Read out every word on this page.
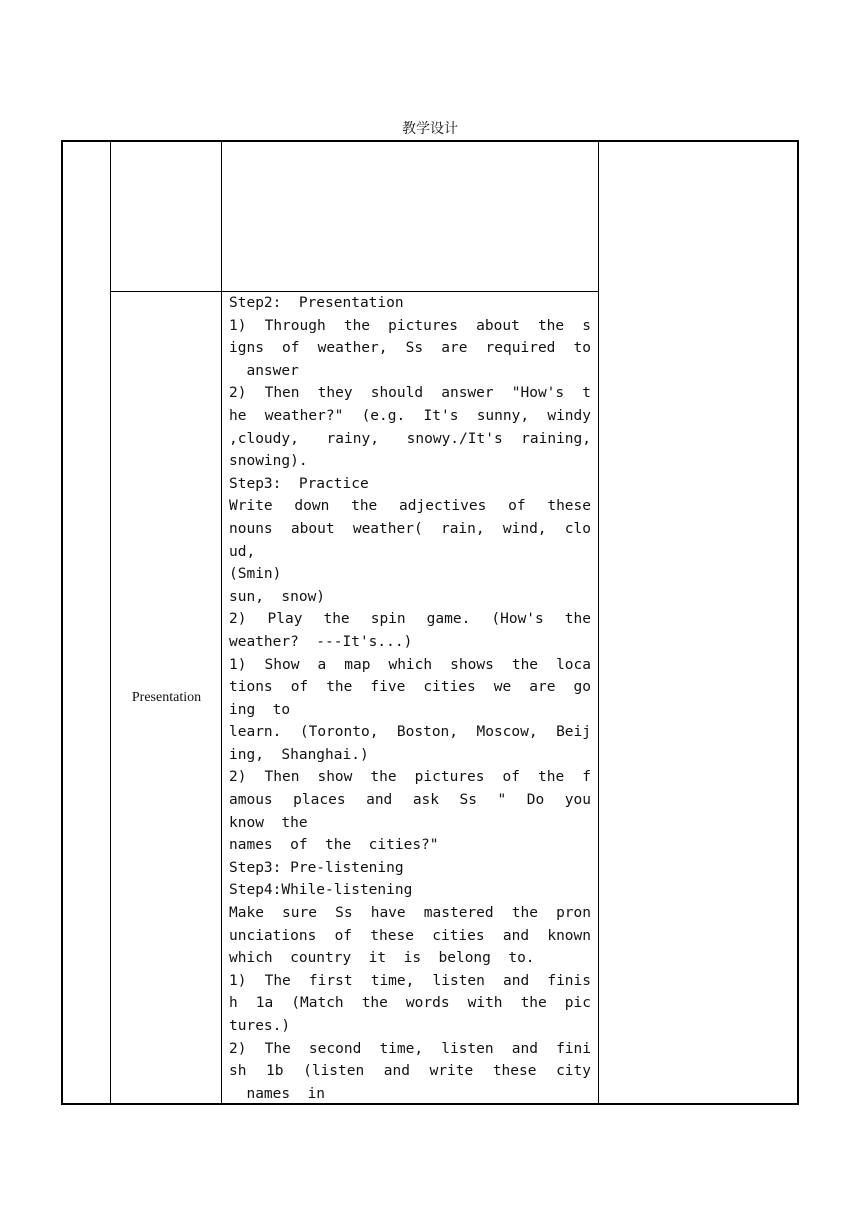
教学设计
Presentation
Step2:  Presentation
1)  Through  the  pictures  about  the  s
igns  of  weather,  Ss  are  required  to
answer
2)  Then  they  should  answer  "How's  t
he  weather?"  (e.g.  It's  sunny,  windy
,cloudy,   rainy,   snowy./It's  raining,
snowing).
Step3:  Practice
Write  down  the  adjectives  of  these
nouns  about  weather(  rain,  wind,  clo
ud,
(Smin)
sun,  snow)
2)  Play  the  spin  game.  (How's  the
weather?  ---It's...)
1)  Show  a  map  which  shows  the  loca
tions  of  the  five  cities  we  are  go
ing  to
learn.  (Toronto,  Boston,  Moscow,  Beij
ing,  Shanghai.)
2)  Then  show  the  pictures  of  the  f
amous  places  and  ask  Ss  "  Do  you
know  the
names  of  the  cities?"
Step3: Pre-listening
Step4:While-listening
Make  sure  Ss  have  mastered  the  pron
unciations  of  these  cities  and  known
which  country  it  is  belong  to.
1)  The  first  time,  listen  and  finis
h  1a  (Match  the  words  with  the  pic
tures.)
2)  The  second  time,  listen  and  fini
sh  1b  (listen  and  write  these  city
names  in
